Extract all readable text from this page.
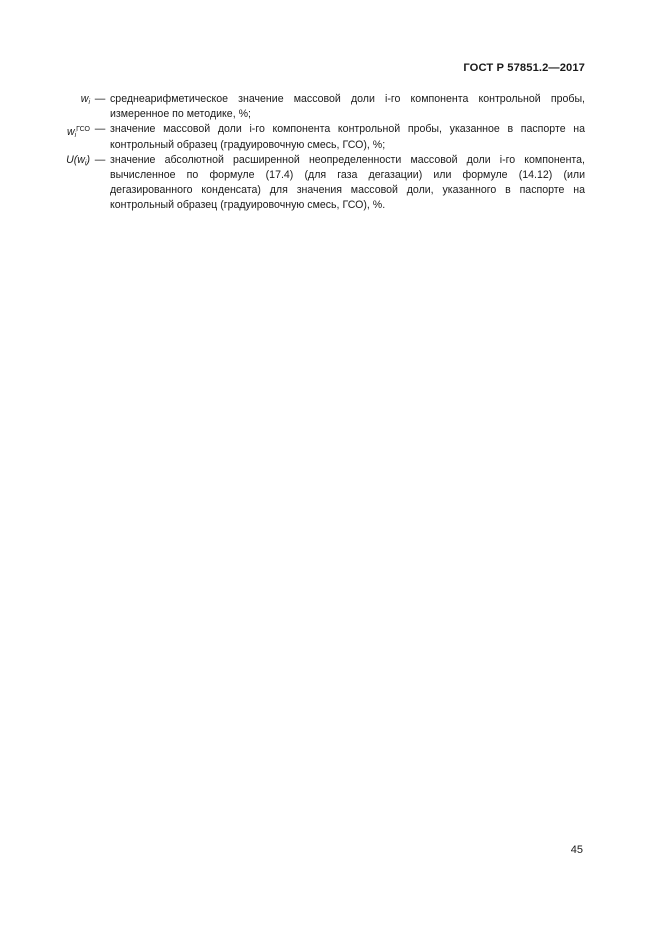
ГОСТ Р 57851.2—2017
$w_i$ — среднеарифметическое значение массовой доли i-го компонента контрольной пробы, измеренное по методике, %;
$w_i^{ГСО}$ — значение массовой доли i-го компонента контрольной пробы, указанное в паспорте на контрольный образец (градуировочную смесь, ГСО), %;
$U(w_i)$ — значение абсолютной расширенной неопределенности массовой доли i-го компонента, вычисленное по формуле (17.4) (для газа дегазации) или формуле (14.12) (или дегазированного конденсата) для значения массовой доли, указанного в паспорте на контрольный образец (градуировочную смесь, ГСО), %.
45
